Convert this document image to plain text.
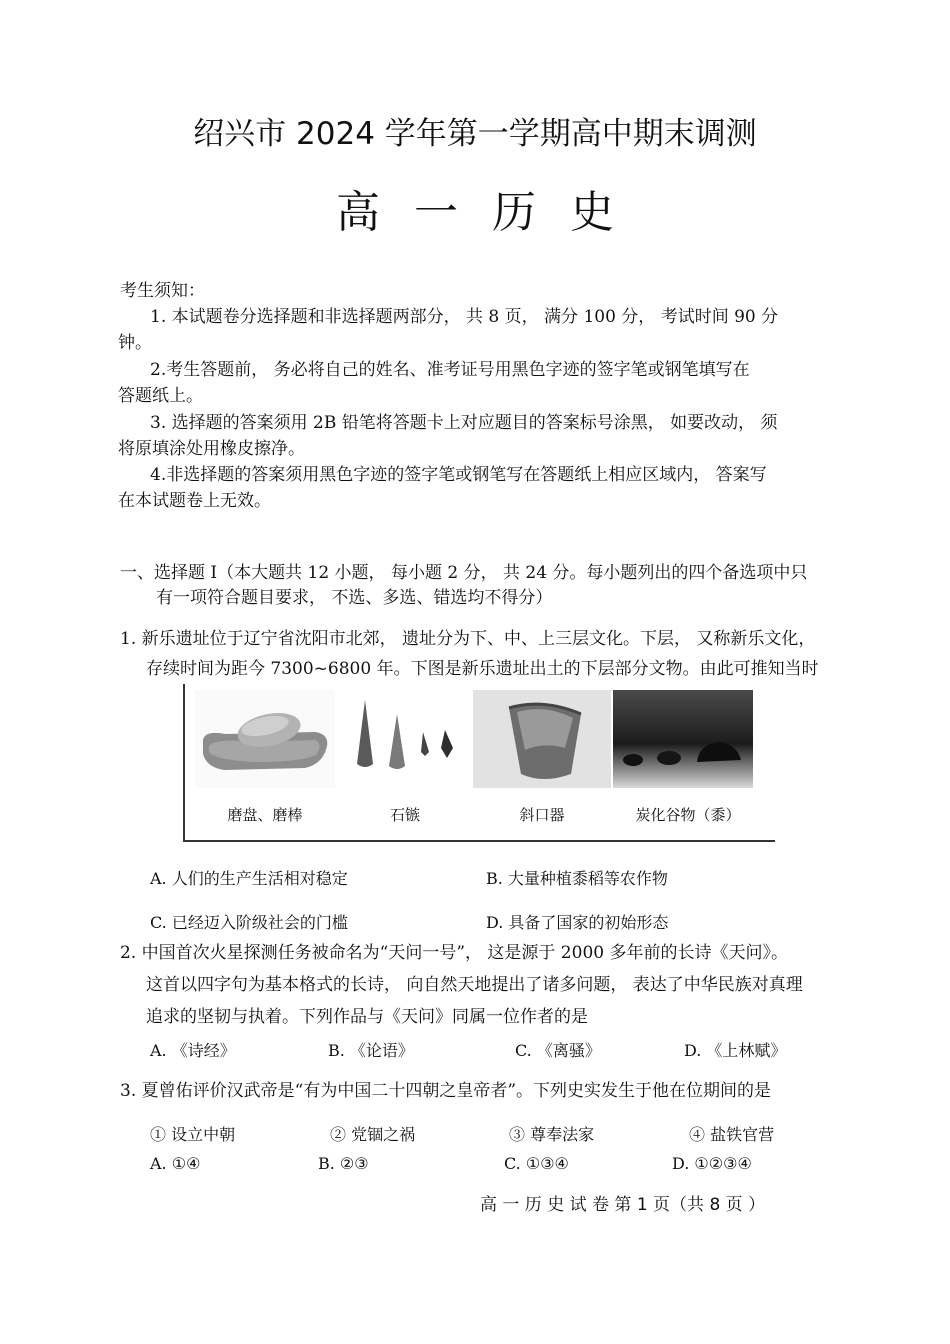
绍兴市 2024 学年第一学期高中期末调测
高一历史
考生须知：
1. 本试题卷分选择题和非选择题两部分， 共 8 页， 满分 100 分， 考试时间 90 分
钟。
2.考生答题前， 务必将自己的姓名、准考证号用黑色字迹的签字笔或钢笔填写在
答题纸上。
3. 选择题的答案须用 2B 铅笔将答题卡上对应题目的答案标号涂黑， 如要改动， 须
将原填涂处用橡皮擦净。
4.非选择题的答案须用黑色字迹的签字笔或钢笔写在答题纸上相应区域内， 答案写
在本试题卷上无效。
一、选择题 I（本大题共 12 小题， 每小题 2 分， 共 24 分。每小题列出的四个备选项中只
有一项符合题目要求， 不选、多选、错选均不得分）
1. 新乐遗址位于辽宁省沈阳市北郊， 遗址分为下、中、上三层文化。下层， 又称新乐文化，
存续时间为距今 7300~6800 年。下图是新乐遗址出土的下层部分文物。由此可推知当时
磨盘、磨棒	石镞	斜口器	炭化谷物（黍）
A. 人们的生产生活相对稳定	B. 大量种植黍稻等农作物
C. 已经迈入阶级社会的门槛	D. 具备了国家的初始形态
2. 中国首次火星探测任务被命名为“天问一号”， 这是源于 2000 多年前的长诗《天问》。
这首以四字句为基本格式的长诗， 向自然天地提出了诸多问题， 表达了中华民族对真理
追求的坚韧与执着。下列作品与《天问》同属一位作者的是
A. 《诗经》	B. 《论语》	C. 《离骚》	D. 《上林赋》
3. 夏曾佑评价汉武帝是“有为中国二十四朝之皇帝者”。下列史实发生于他在位期间的是
① 设立中朝	② 党锢之祸	③ 尊奉法家	④ 盐铁官营
A. ①④	B. ②③	C. ①③④	D. ①②③④
高 一 历 史 试 卷 第 1 页（共 8 页 ）
